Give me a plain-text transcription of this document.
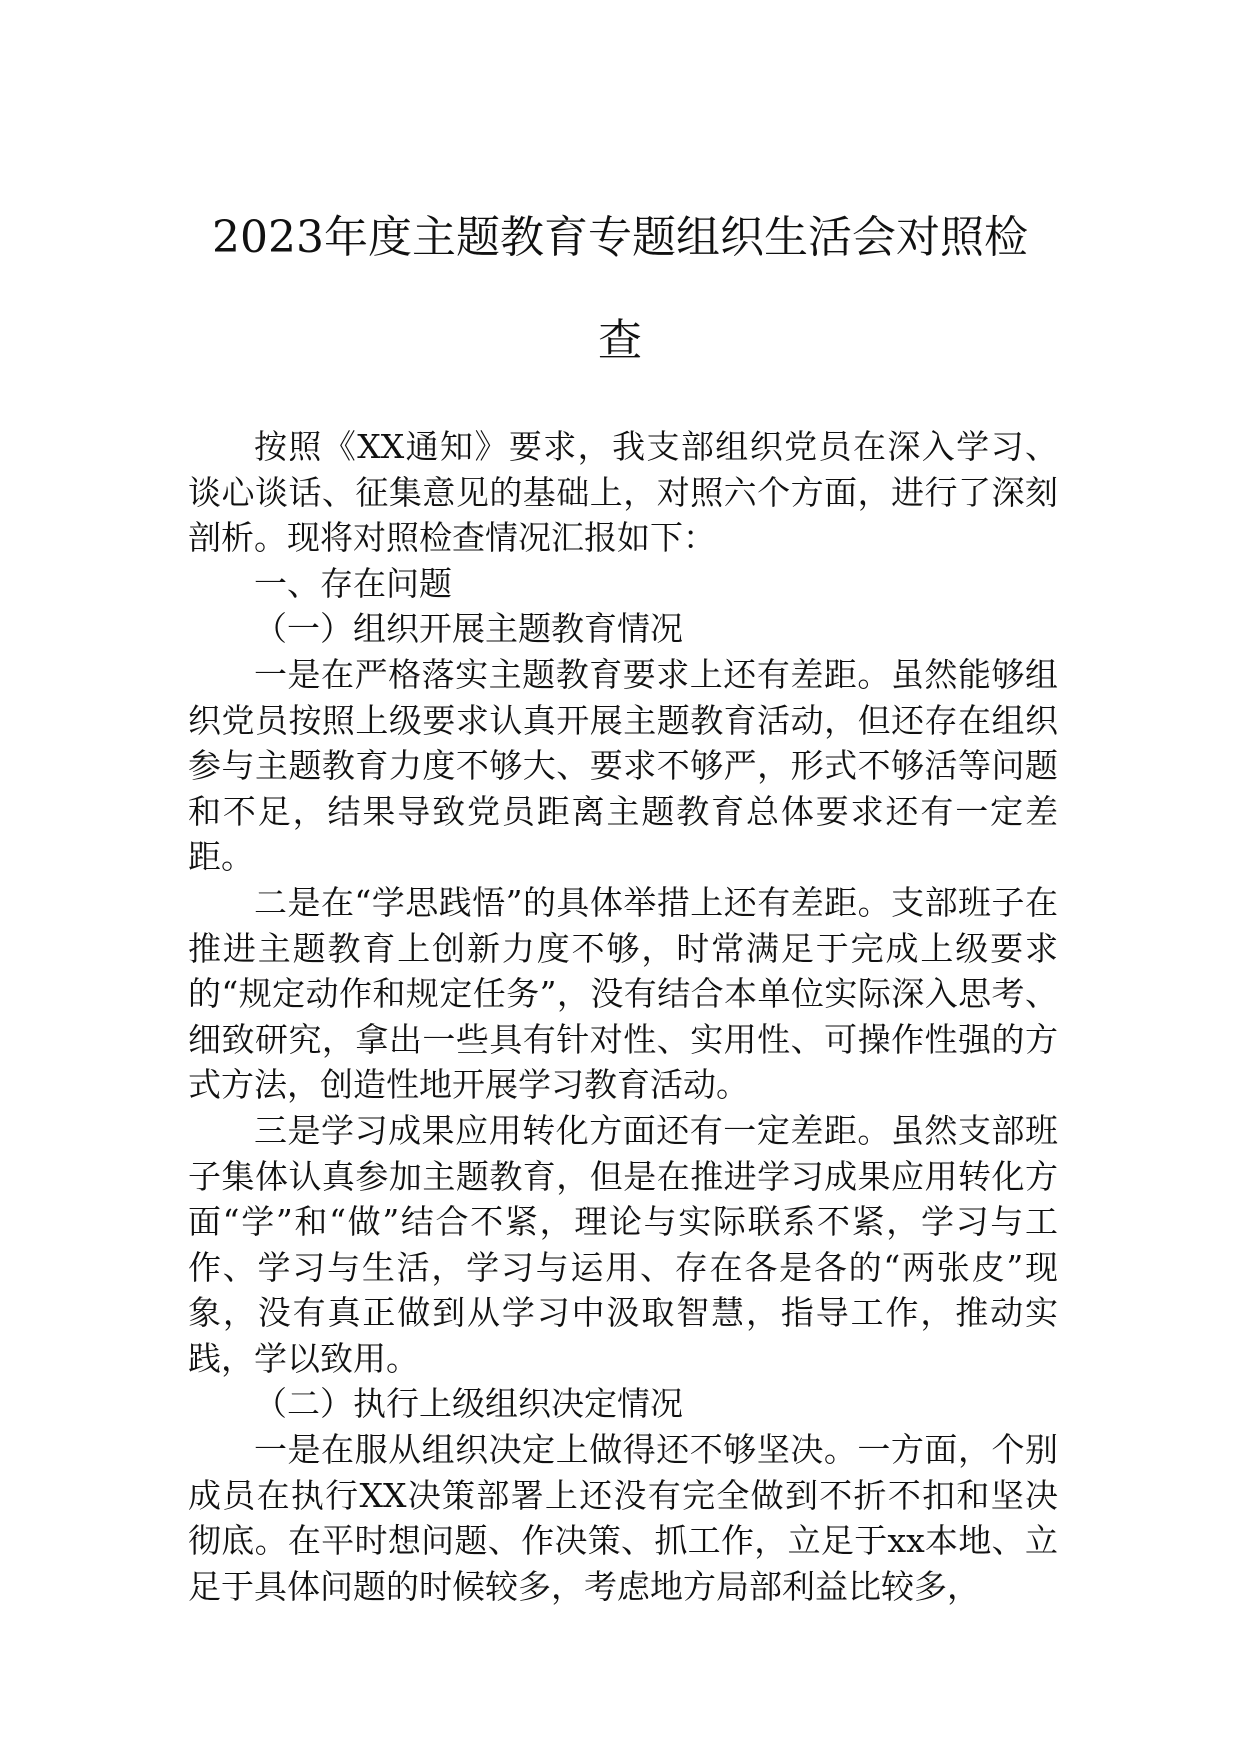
2023年度主题教育专题组织生活会对照检
查

按照《XX通知》要求，我支部组织党员在深入学习、谈心谈话、征集意见的基础上，对照六个方面，进行了深刻剖析。现将对照检查情况汇报如下：

一、存在问题

（一）组织开展主题教育情况

一是在严格落实主题教育要求上还有差距。虽然能够组织党员按照上级要求认真开展主题教育活动，但还存在组织参与主题教育力度不够大、要求不够严，形式不够活等问题和不足，结果导致党员距离主题教育总体要求还有一定差距。

二是在“学思践悟”的具体举措上还有差距。支部班子在推进主题教育上创新力度不够，时常满足于完成上级要求的“规定动作和规定任务”，没有结合本单位实际深入思考、细致研究，拿出一些具有针对性、实用性、可操作性强的方式方法，创造性地开展学习教育活动。

三是学习成果应用转化方面还有一定差距。虽然支部班子集体认真参加主题教育，但是在推进学习成果应用转化方面“学”和“做”结合不紧，理论与实际联系不紧，学习与工作、学习与生活，学习与运用、存在各是各的“两张皮”现象，没有真正做到从学习中汲取智慧，指导工作，推动实践，学以致用。

（二）执行上级组织决定情况

一是在服从组织决定上做得还不够坚决。一方面，个别成员在执行XX决策部署上还没有完全做到不折不扣和坚决彻底。在平时想问题、作决策、抓工作，立足于xx本地、立足于具体问题的时候较多，考虑地方局部利益比较多，
